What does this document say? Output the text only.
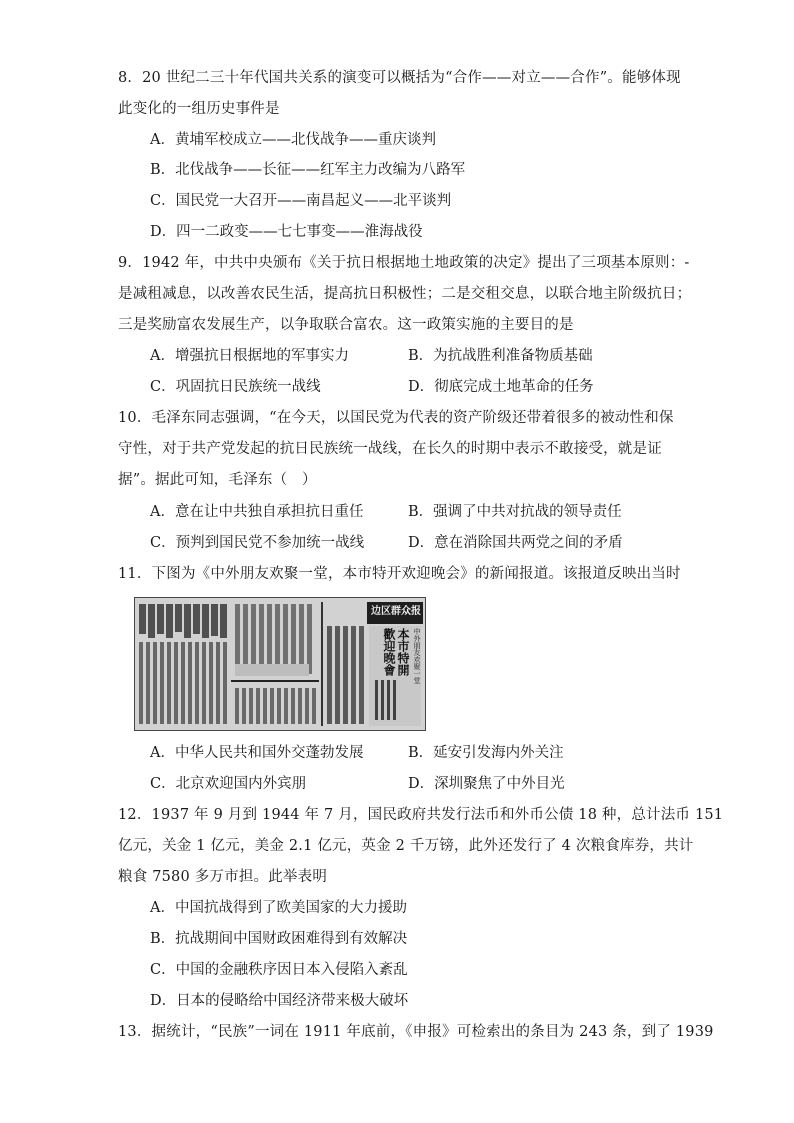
8．20 世纪二三十年代国共关系的演变可以概括为“合作——对立——合作”。能够体现
此变化的一组历史事件是
A．黄埔军校成立——北伐战争——重庆谈判
B．北伐战争——长征——红军主力改编为八路军
C．国民党一大召开——南昌起义——北平谈判
D．四一二政变——七七事变——淮海战役
9．1942 年，中共中央颁布《关于抗日根据地土地政策的决定》提出了三项基本原则：-
是减租减息，以改善农民生活，提高抗日积极性；二是交租交息，以联合地主阶级抗日；
三是奖励富农发展生产，以争取联合富农。这一政策实施的主要目的是
A．增强抗日根据地的军事实力	B．为抗战胜利准备物质基础
C．巩固抗日民族统一战线	D．彻底完成土地革命的任务
10．毛泽东同志强调，“在今天，以国民党为代表的资产阶级还带着很多的被动性和保
守性，对于共产党发起的抗日民族统一战线，在长久的时期中表示不敢接受，就是证
据”。据此可知，毛泽东（　）
A．意在让中共独自承担抗日重任	B．强调了中共对抗战的领导责任
C．预判到国民党不参加统一战线	D．意在消除国共两党之间的矛盾
11．下图为《中外朋友欢聚一堂，本市特开欢迎晚会》的新闻报道。该报道反映出当时
边区群众报
中外朋友欢聚一堂
本市特開
歡迎晚會
A．中华人民共和国外交蓬勃发展	B．延安引发海内外关注
C．北京欢迎国内外宾朋	D．深圳聚焦了中外目光
12．1937 年 9 月到 1944 年 7 月，国民政府共发行法币和外币公债 18 种，总计法币 151
亿元，关金 1 亿元，美金 2.1 亿元，英金 2 千万镑，此外还发行了 4 次粮食库券，共计
粮食 7580 多万市担。此举表明
A．中国抗战得到了欧美国家的大力援助
B．抗战期间中国财政困难得到有效解决
C．中国的金融秩序因日本入侵陷入紊乱
D．日本的侵略给中国经济带来极大破坏
13．据统计，“民族”一词在 1911 年底前，《申报》可检索出的条目为 243 条，到了 1939
